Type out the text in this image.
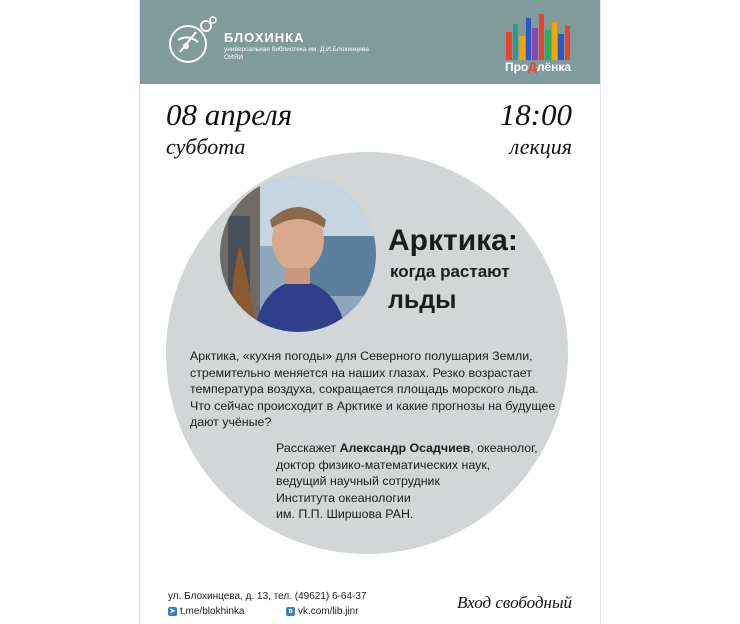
БЛОХИНКА
универсальная библиотека им. Д.И.Блохинцева ОИЯИ
ПроДлёнка
08 апреля
суббота
18:00
лекция
Арктика:
когда растают
льды
Арктика, «кухня погоды» для Северного полушария Земли, стремительно меняется на наших глазах. Резко возрастает температура воздуха, сокращается площадь морского льда. Что сейчас происходит в Арктике и какие прогнозы на будущее дают учёные?
Расскажет Александр Осадчиев, океанолог,
доктор физико-математических наук,
ведущий научный сотрудник
Института океанологии
им. П.П. Ширшова РАН.
ул. Блохинцева, д. 13, тел. (49621) 6-64-37
➤ t.me/blokhinka	в vk.com/lib.jinr	Вход свободный
